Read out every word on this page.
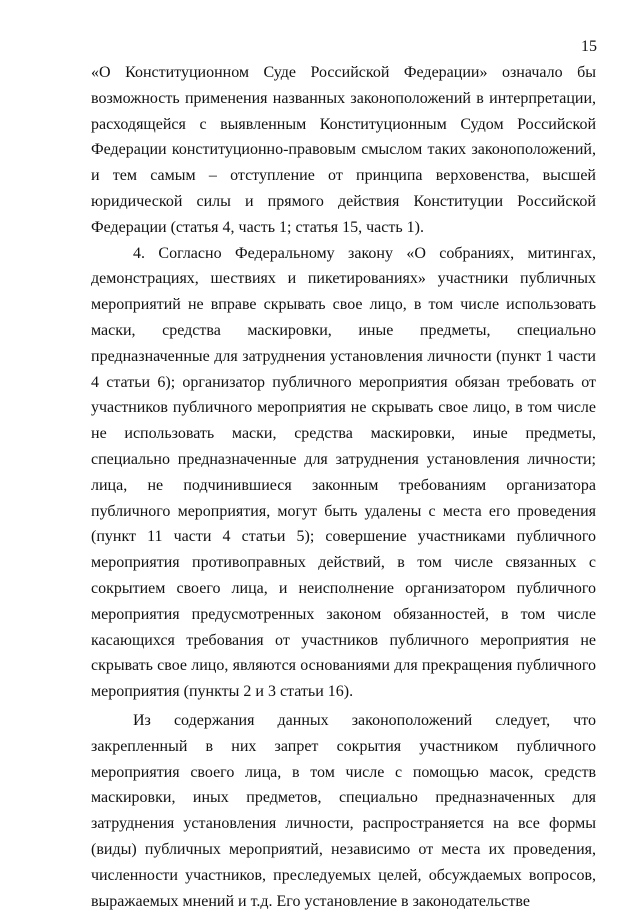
15

«О Конституционном Суде Российской Федерации» означало бы возможность применения названных законоположений в интерпретации, расходящейся с выявленным Конституционным Судом Российской Федерации конституционно-правовым смыслом таких законоположений, и тем самым – отступление от принципа верховенства, высшей юридической силы и прямого действия Конституции Российской Федерации (статья 4, часть 1; статья 15, часть 1).

4. Согласно Федеральному закону «О собраниях, митингах, демонстрациях, шествиях и пикетированиях» участники публичных мероприятий не вправе скрывать свое лицо, в том числе использовать маски, средства маскировки, иные предметы, специально предназначенные для затруднения установления личности (пункт 1 части 4 статьи 6); организатор публичного мероприятия обязан требовать от участников публичного мероприятия не скрывать свое лицо, в том числе не использовать маски, средства маскировки, иные предметы, специально предназначенные для затруднения установления личности; лица, не подчинившиеся законным требованиям организатора публичного мероприятия, могут быть удалены с места его проведения (пункт 11 части 4 статьи 5); совершение участниками публичного мероприятия противоправных действий, в том числе связанных с сокрытием своего лица, и неисполнение организатором публичного мероприятия предусмотренных законом обязанностей, в том числе касающихся требования от участников публичного мероприятия не скрывать свое лицо, являются основаниями для прекращения публичного мероприятия (пункты 2 и 3 статьи 16).

Из содержания данных законоположений следует, что закрепленный в них запрет сокрытия участником публичного мероприятия своего лица, в том числе с помощью масок, средств маскировки, иных предметов, специально предназначенных для затруднения установления личности, распространяется на все формы (виды) публичных мероприятий, независимо от места их проведения, численности участников, преследуемых целей, обсуждаемых вопросов, выражаемых мнений и т.д. Его установление в законодательстве
